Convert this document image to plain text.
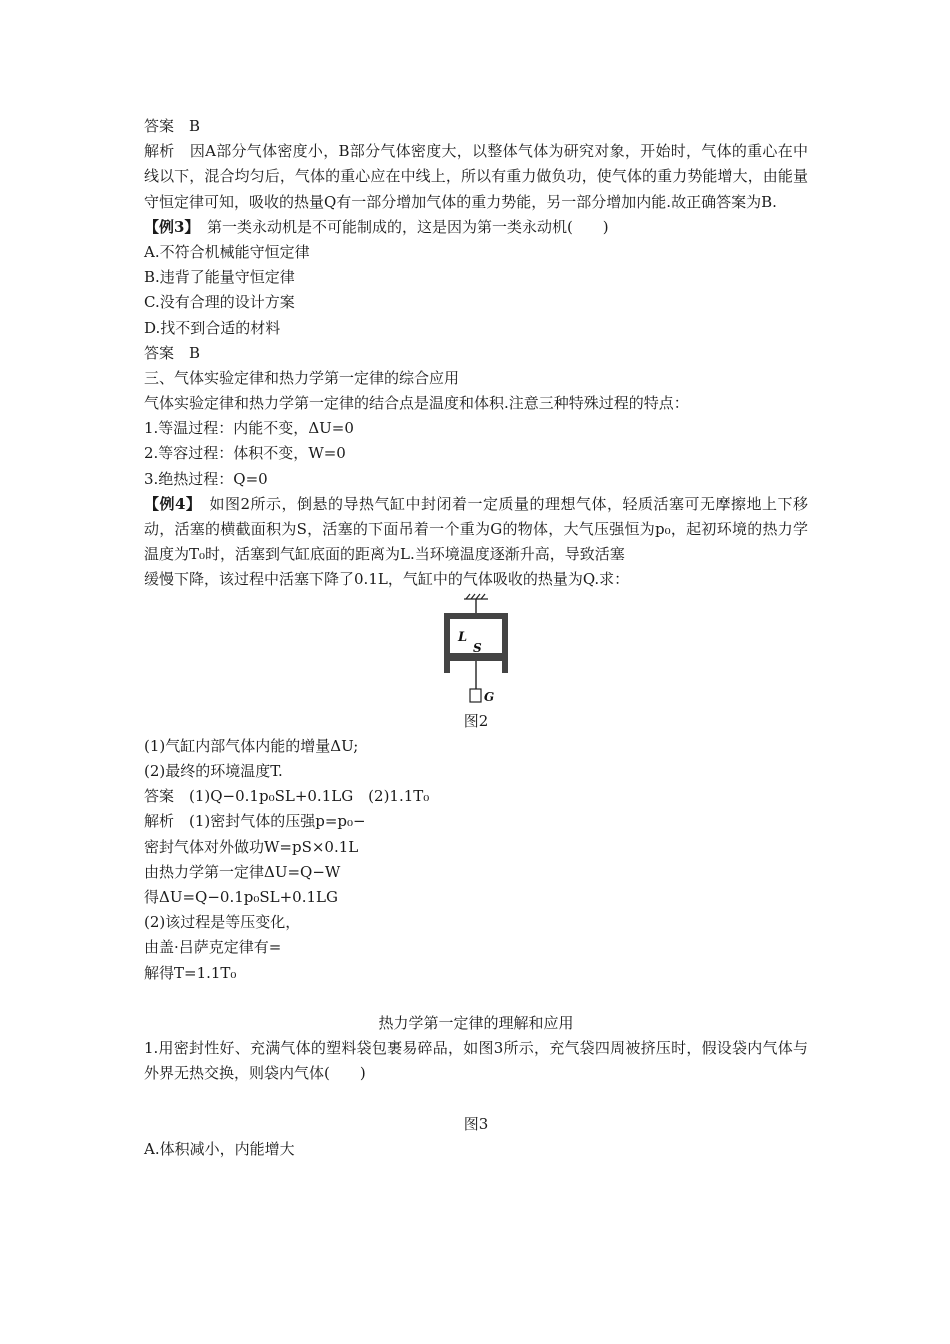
答案　B
解析　因A部分气体密度小，B部分气体密度大，以整体气体为研究对象，开始时，气体的重心在中线以下，混合均匀后，气体的重心应在中线上，所以有重力做负功，使气体的重力势能增大，由能量守恒定律可知，吸收的热量Q有一部分增加气体的重力势能，另一部分增加内能.故正确答案为B.
【例3】　第一类永动机是不可能制成的，这是因为第一类永动机(　　)
A.不符合机械能守恒定律
B.违背了能量守恒定律
C.没有合理的设计方案
D.找不到合适的材料
答案　B
三、气体实验定律和热力学第一定律的综合应用
气体实验定律和热力学第一定律的结合点是温度和体积.注意三种特殊过程的特点：
1.等温过程：内能不变，ΔU=0
2.等容过程：体积不变，W=0
3.绝热过程：Q=0
【例4】　如图2所示，倒悬的导热气缸中封闭着一定质量的理想气体，轻质活塞可无摩擦地上下移动，活塞的横截面积为S，活塞的下面吊着一个重为G的物体，大气压强恒为p₀，起初环境的热力学温度为T₀时，活塞到气缸底面的距离为L.当环境温度逐渐升高，导致活塞
缓慢下降，该过程中活塞下降了0.1L，气缸中的气体吸收的热量为Q.求：
L
S
G
图2
(1)气缸内部气体内能的增量ΔU;
(2)最终的环境温度T.
答案　(1)Q−0.1p₀SL+0.1LG　(2)1.1T₀
解析　(1)密封气体的压强p=p₀−
密封气体对外做功W=pS×0.1L
由热力学第一定律ΔU=Q−W
得ΔU=Q−0.1p₀SL+0.1LG
(2)该过程是等压变化，
由盖·吕萨克定律有=
解得T=1.1T₀
热力学第一定律的理解和应用
1.用密封性好、充满气体的塑料袋包裹易碎品，如图3所示，充气袋四周被挤压时，假设袋内气体与外界无热交换，则袋内气体(　　)
图3
A.体积减小，内能增大
